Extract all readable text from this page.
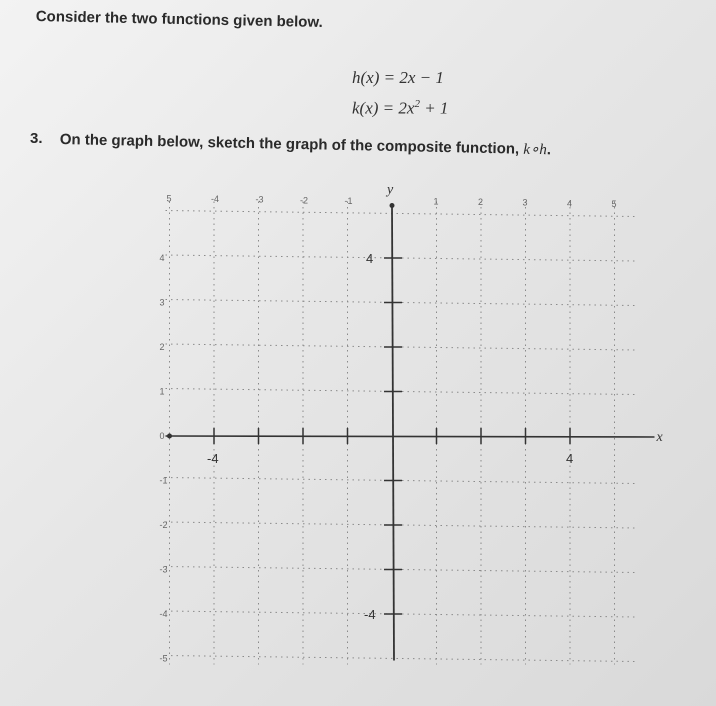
Consider the two functions given below.
h(x) = 2x − 1
$k(x) = 2x^2 + 1$
3. On the graph below, sketch the graph of the composite function, k∘h.
5	-4	-3	-2	-1	1	2	3	4	5
4
3
2
1
0
-1
-2
-3
-4
-5
x
y
-4	4
4
-4
